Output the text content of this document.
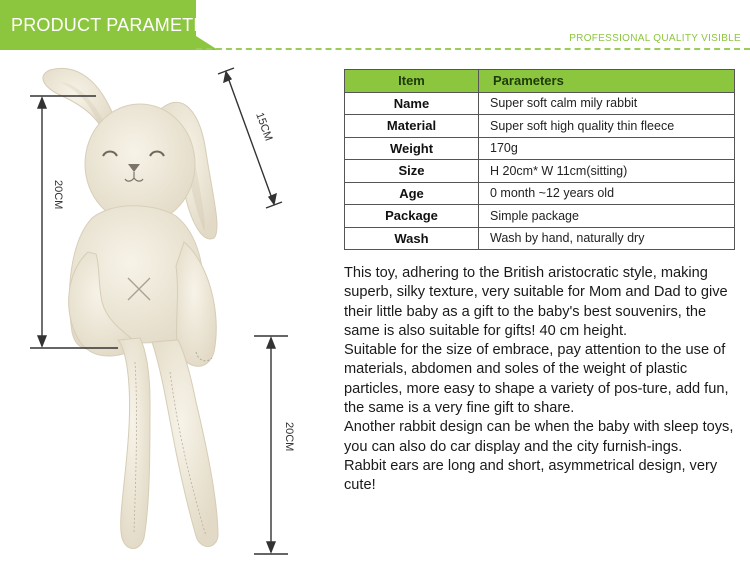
PRODUCT PARAMETER
PROFESSIONAL QUALITY VISIBLE
15CM
20CM
20CM
Item	Parameters
Name	Super soft calm mily rabbit
Material	Super soft high quality thin fleece
Weight	170g
Size	H 20cm* W 11cm(sitting)
Age	0 month ~12 years old
Package	Simple package
Wash	Wash by hand, naturally dry

This toy, adhering to the British aristocratic style, making superb, silky texture, very suitable for Mom and Dad to give their little baby as a gift to the baby's best souvenirs, the same is also suitable for gifts! 40 cm height.

Suitable for the size of embrace, pay attention to the use of materials, abdomen and soles of the weight of plastic particles, more easy to shape a variety of pos-ture, add fun, the same is a very fine gift to share.

Another rabbit design can be when the baby with sleep toys, you can also do car display and the city furnish-ings.

Rabbit ears are long and short, asymmetrical design, very cute!
